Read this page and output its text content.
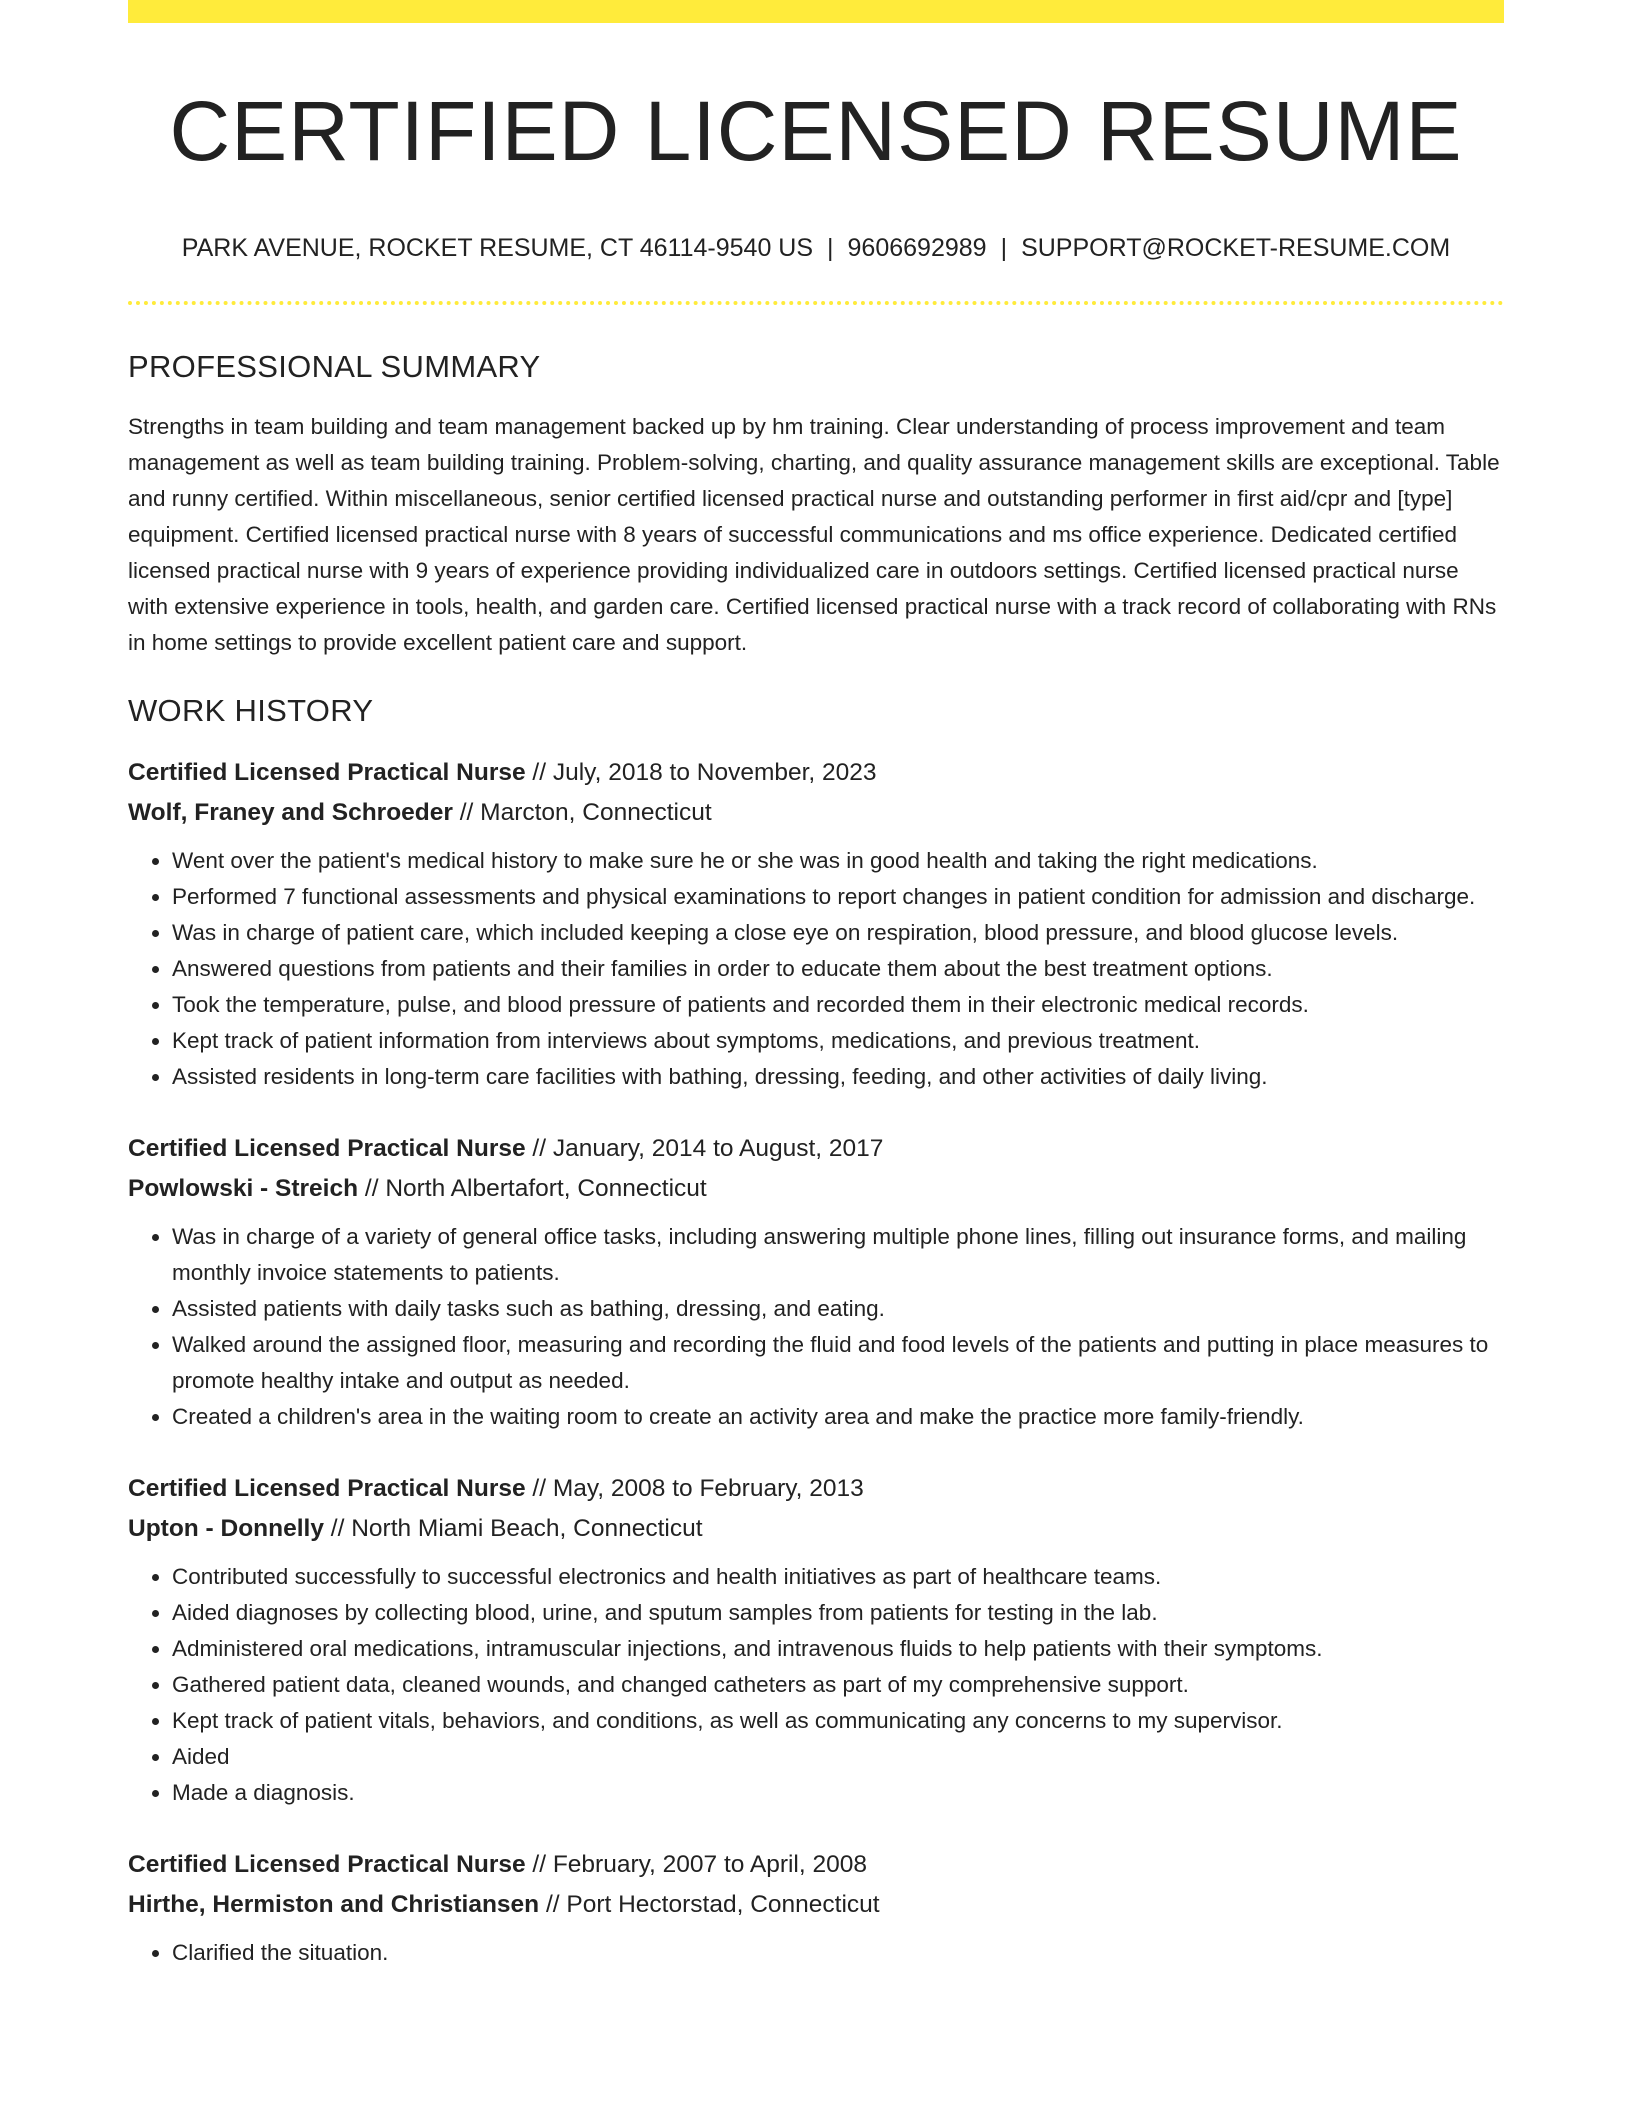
CERTIFIED LICENSED RESUME
PARK AVENUE, ROCKET RESUME, CT 46114-9540 US | 9606692989 | SUPPORT@ROCKET-RESUME.COM
PROFESSIONAL SUMMARY
Strengths in team building and team management backed up by hm training. Clear understanding of process improvement and team management as well as team building training. Problem-solving, charting, and quality assurance management skills are exceptional. Table and runny certified. Within miscellaneous, senior certified licensed practical nurse and outstanding performer in first aid/cpr and [type] equipment. Certified licensed practical nurse with 8 years of successful communications and ms office experience. Dedicated certified licensed practical nurse with 9 years of experience providing individualized care in outdoors settings. Certified licensed practical nurse with extensive experience in tools, health, and garden care. Certified licensed practical nurse with a track record of collaborating with RNs in home settings to provide excellent patient care and support.
WORK HISTORY
Certified Licensed Practical Nurse // July, 2018 to November, 2023
Wolf, Franey and Schroeder // Marcton, Connecticut
• Went over the patient's medical history to make sure he or she was in good health and taking the right medications.
• Performed 7 functional assessments and physical examinations to report changes in patient condition for admission and discharge.
• Was in charge of patient care, which included keeping a close eye on respiration, blood pressure, and blood glucose levels.
• Answered questions from patients and their families in order to educate them about the best treatment options.
• Took the temperature, pulse, and blood pressure of patients and recorded them in their electronic medical records.
• Kept track of patient information from interviews about symptoms, medications, and previous treatment.
• Assisted residents in long-term care facilities with bathing, dressing, feeding, and other activities of daily living.
Certified Licensed Practical Nurse // January, 2014 to August, 2017
Powlowski - Streich // North Albertafort, Connecticut
• Was in charge of a variety of general office tasks, including answering multiple phone lines, filling out insurance forms, and mailing monthly invoice statements to patients.
• Assisted patients with daily tasks such as bathing, dressing, and eating.
• Walked around the assigned floor, measuring and recording the fluid and food levels of the patients and putting in place measures to promote healthy intake and output as needed.
• Created a children's area in the waiting room to create an activity area and make the practice more family-friendly.
Certified Licensed Practical Nurse // May, 2008 to February, 2013
Upton - Donnelly // North Miami Beach, Connecticut
• Contributed successfully to successful electronics and health initiatives as part of healthcare teams.
• Aided diagnoses by collecting blood, urine, and sputum samples from patients for testing in the lab.
• Administered oral medications, intramuscular injections, and intravenous fluids to help patients with their symptoms.
• Gathered patient data, cleaned wounds, and changed catheters as part of my comprehensive support.
• Kept track of patient vitals, behaviors, and conditions, as well as communicating any concerns to my supervisor.
• Aided
• Made a diagnosis.
Certified Licensed Practical Nurse // February, 2007 to April, 2008
Hirthe, Hermiston and Christiansen // Port Hectorstad, Connecticut
• Clarified the situation.
